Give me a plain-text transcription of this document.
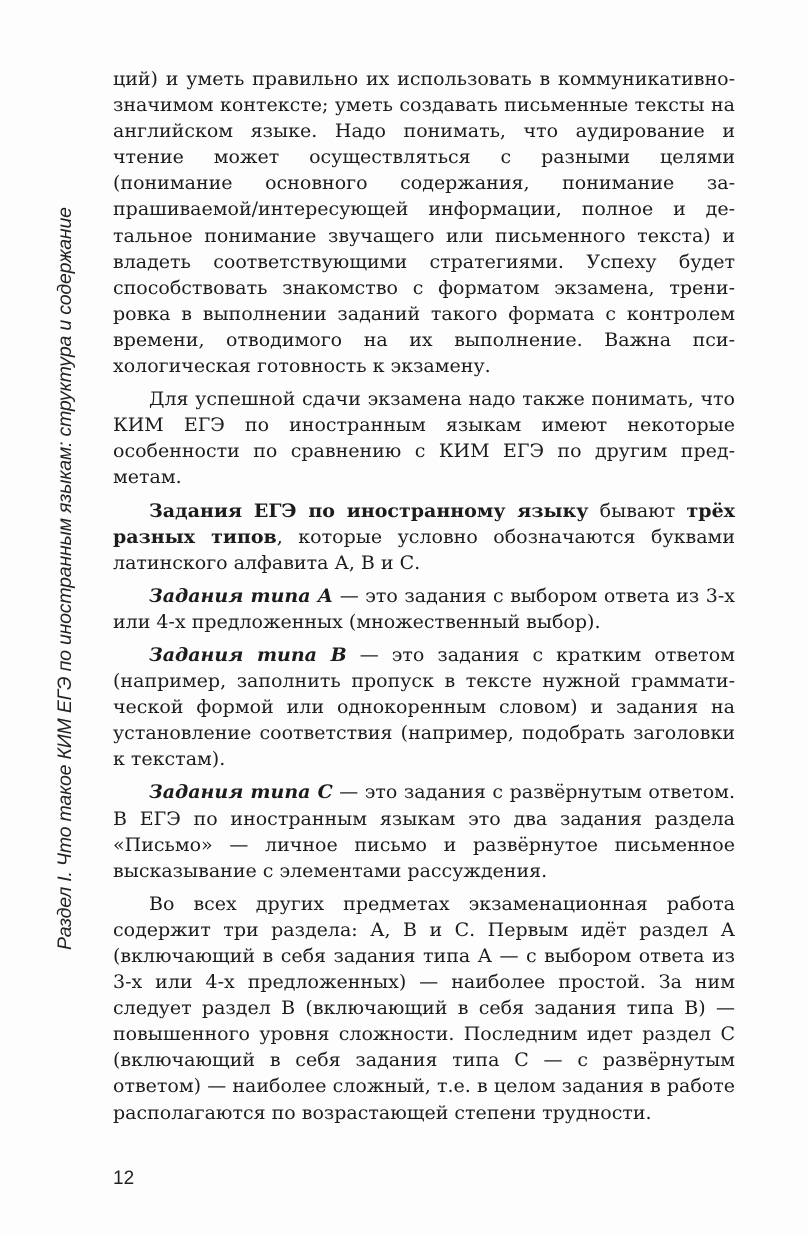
Раздел I. Что такое КИМ ЕГЭ по иностранным языкам: структура и содержание

ций) и уметь правильно их использовать в коммуникативно-значимом контексте; уметь создавать письменные тексты на английском языке. Надо понимать, что аудирование и чтение может осуществляться с разными целями (понимание основного содержания, понимание запрашиваемой/интересующей информации, полное и детальное понимание звучащего или письменного текста) и владеть соответствующими стратегиями. Успеху будет способствовать знакомство с форматом экзамена, тренировка в выполнении заданий такого формата с контролем времени, отводимого на их выполнение. Важна психологическая готовность к экзамену.

Для успешной сдачи экзамена надо также понимать, что КИМ ЕГЭ по иностранным языкам имеют некоторые особенности по сравнению с КИМ ЕГЭ по другим предметам.

Задания ЕГЭ по иностранному языку бывают трёх разных типов, которые условно обозначаются буквами латинского алфавита А, В и С.

Задания типа А — это задания с выбором ответа из 3-х или 4-х предложенных (множественный выбор).

Задания типа В — это задания с кратким ответом (например, заполнить пропуск в тексте нужной грамматической формой или однокоренным словом) и задания на установление соответствия (например, подобрать заголовки к текстам).

Задания типа С — это задания с развёрнутым ответом. В ЕГЭ по иностранным языкам это два задания раздела «Письмо» — личное письмо и развёрнутое письменное высказывание с элементами рассуждения.

Во всех других предметах экзаменационная работа содержит три раздела: А, В и С. Первым идёт раздел А (включающий в себя задания типа А — с выбором ответа из 3-х или 4-х предложенных) — наиболее простой. За ним следует раздел В (включающий в себя задания типа В) — повышенного уровня сложности. Последним идет раздел С (включающий в себя задания типа С — с развёрнутым ответом) — наиболее сложный, т.е. в целом задания в работе располагаются по возрастающей степени трудности.

12
